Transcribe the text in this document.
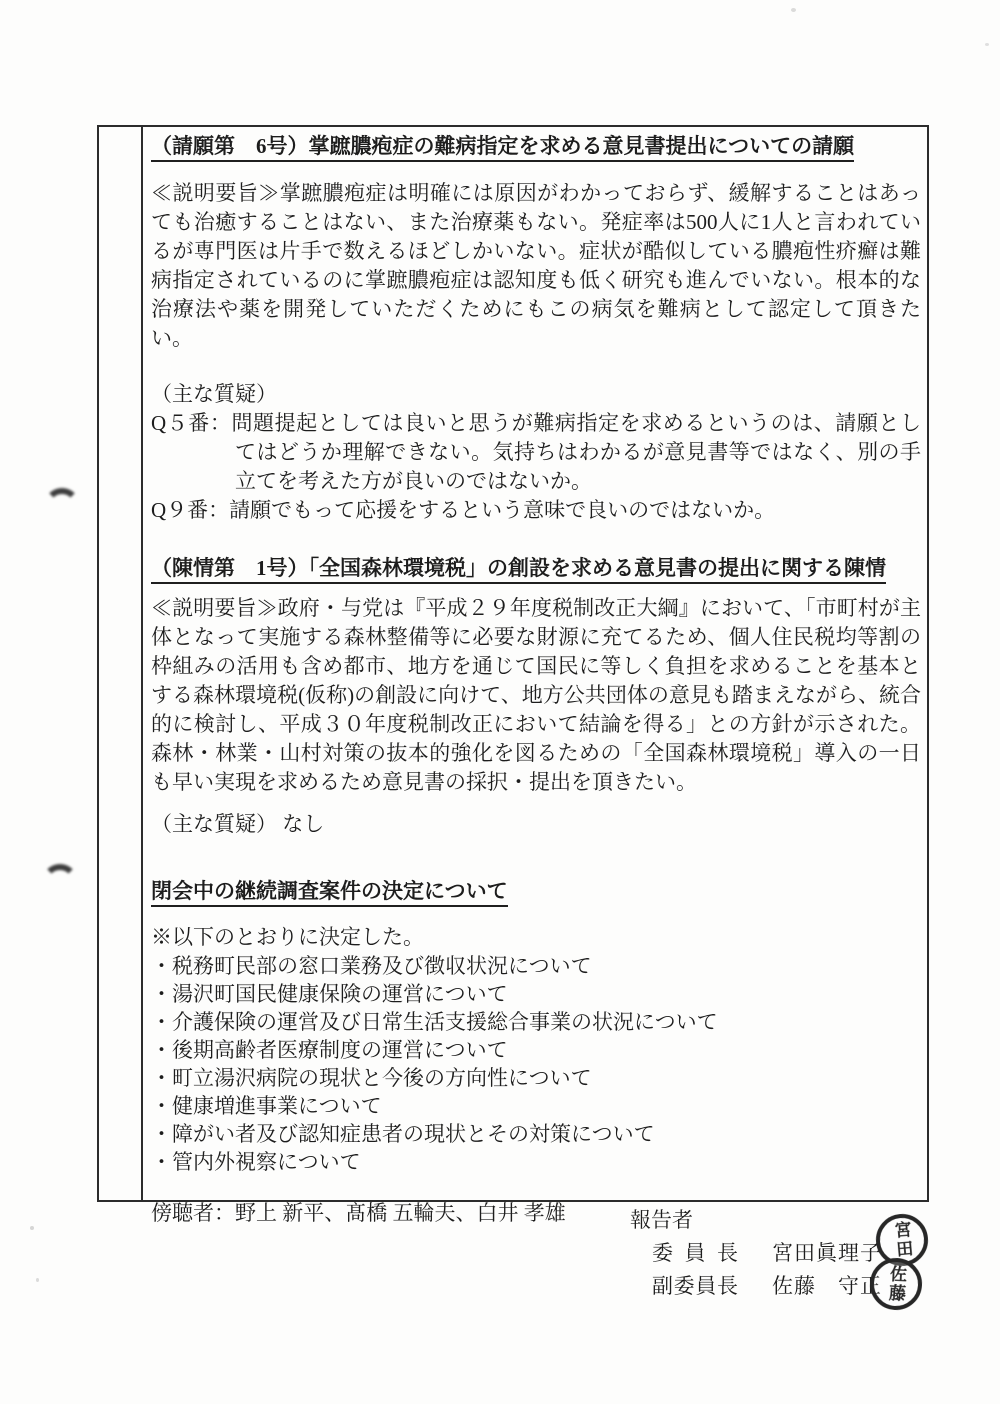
（請願第　6号）掌蹠膿疱症の難病指定を求める意見書提出についての請願

≪説明要旨≫掌蹠膿疱症は明確には原因がわかっておらず、緩解することはあっても治癒することはない、また治療薬もない。発症率は500人に1人と言われているが専門医は片手で数えるほどしかいない。症状が酷似している膿疱性疥癬は難病指定されているのに掌蹠膿疱症は認知度も低く研究も進んでいない。根本的な治療法や薬を開発していただくためにもこの病気を難病として認定して頂きたい。

（主な質疑）
Q５番：問題提起としては良いと思うが難病指定を求めるというのは、請願としてはどうか理解できない。気持ちはわかるが意見書等ではなく、別の手立てを考えた方が良いのではないか。
Q９番：請願でもって応援をするという意味で良いのではないか。
（陳情第　1号）「全国森林環境税」の創設を求める意見書の提出に関する陳情

≪説明要旨≫政府・与党は『平成２９年度税制改正大綱』において、「市町村が主体となって実施する森林整備等に必要な財源に充てるため、個人住民税均等割の枠組みの活用も含め都市、地方を通じて国民に等しく負担を求めることを基本とする森林環境税(仮称)の創設に向けて、地方公共団体の意見も踏まえながら、統合的に検討し、平成３０年度税制改正において結論を得る」との方針が示された。森林・林業・山村対策の抜本的強化を図るための「全国森林環境税」導入の一日も早い実現を求めるため意見書の採択・提出を頂きたい。

（主な質疑） なし
閉会中の継続調査案件の決定について
※以下のとおりに決定した。
・税務町民部の窓口業務及び徴収状況について
・湯沢町国民健康保険の運営について
・介護保険の運営及び日常生活支援総合事業の状況について
・後期高齢者医療制度の運営について
・町立湯沢病院の現状と今後の方向性について
・健康増進事業について
・障がい者及び認知症患者の現状とその対策について
・管内外視察について
傍聴者：野上 新平、髙橋 五輪夫、白井 孝雄	報告者
委員長 宮田眞理子
副委員長 佐藤　守正
宮田
佐藤
